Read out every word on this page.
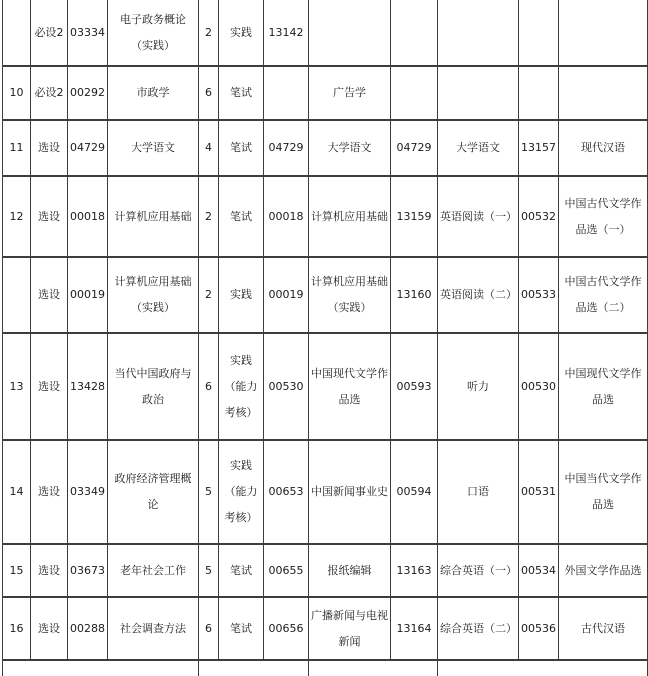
	必设2	03334	电子政务概论（实践）	2	实践	13142					
10	必设2	00292	市政学	6	笔试		广告学				
11	选设	04729	大学语文	4	笔试	04729	大学语文	04729	大学语文	13157	现代汉语
12	选设	00018	计算机应用基础	2	笔试	00018	计算机应用基础	13159	英语阅读（一）	00532	中国古代文学作品选（一）
	选设	00019	计算机应用基础（实践）	2	实践	00019	计算机应用基础（实践）	13160	英语阅读（二）	00533	中国古代文学作品选（二）
13	选设	13428	当代中国政府与政治	6	实践（能力考核）	00530	中国现代文学作品选	00593	听力	00530	中国现代文学作品选
14	选设	03349	政府经济管理概论	5	实践（能力考核）	00653	中国新闻事业史	00594	口语	00531	中国当代文学作品选
15	选设	03673	老年社会工作	5	笔试	00655	报纸编辑	13163	综合英语（一）	00534	外国文学作品选
16	选设	00288	社会调查方法	6	笔试	00656	广播新闻与电视新闻	13164	综合英语（二）	00536	古代汉语
